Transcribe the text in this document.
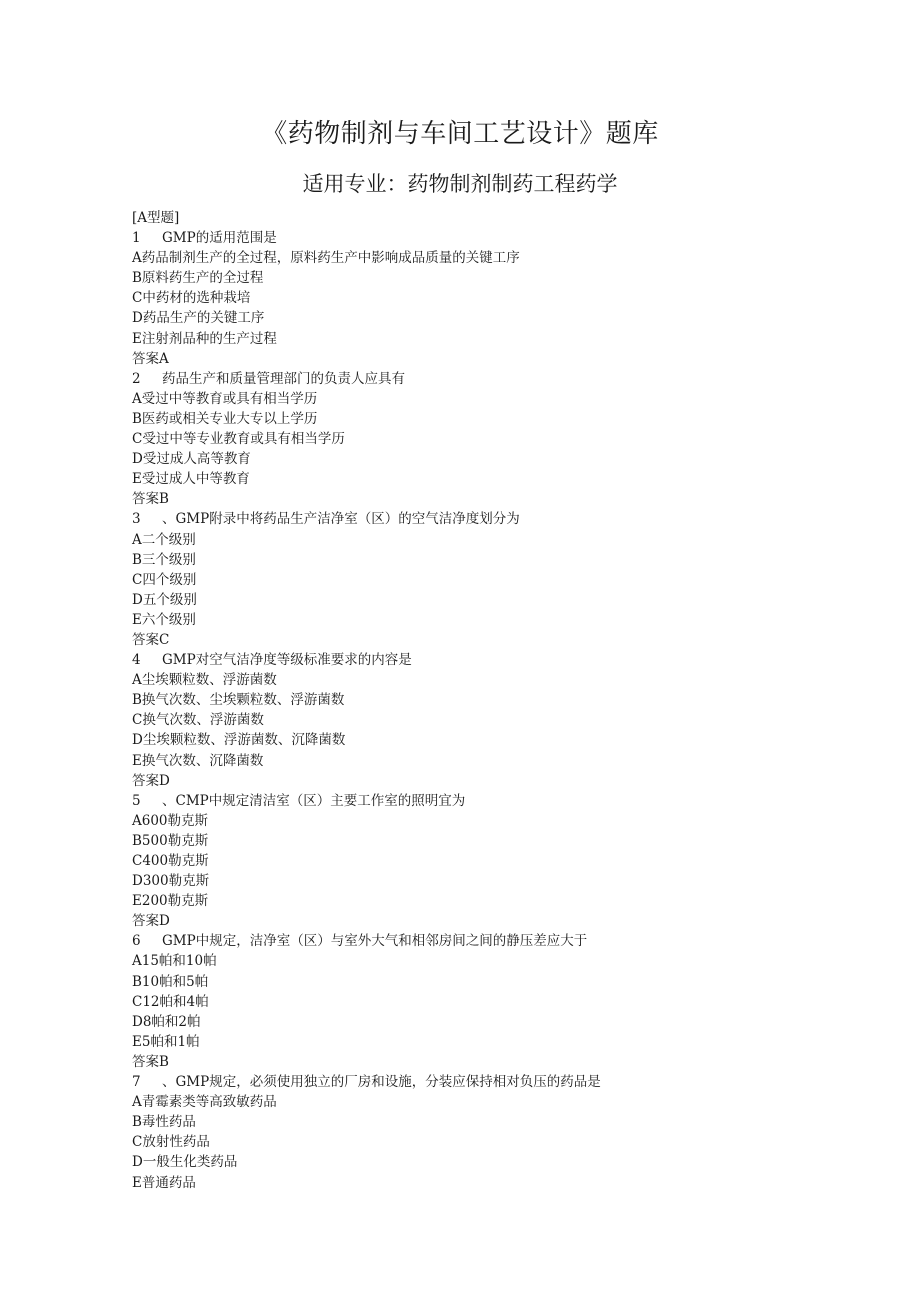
《药物制剂与车间工艺设计》题库
适用专业：药物制剂制药工程药学
[A型题]
1 GMP的适用范围是
A药品制剂生产的全过程，原料药生产中影响成品质量的关键工序
B原料药生产的全过程
C中药材的选种栽培
D药品生产的关键工序
E注射剂品种的生产过程
答案A
2 药品生产和质量管理部门的负责人应具有
A受过中等教育或具有相当学历
B医药或相关专业大专以上学历
C受过中等专业教育或具有相当学历
D受过成人高等教育
E受过成人中等教育
答案B
3 、GMP附录中将药品生产洁净室（区）的空气洁净度划分为
A二个级别
B三个级别
C四个级别
D五个级别
E六个级别
答案C
4 GMP对空气洁净度等级标准要求的内容是
A尘埃颗粒数、浮游菌数
B换气次数、尘埃颗粒数、浮游菌数
C换气次数、浮游菌数
D尘埃颗粒数、浮游菌数、沉降菌数
E换气次数、沉降菌数
答案D
5 、CMP中规定清洁室（区）主要工作室的照明宜为
A600勒克斯
B500勒克斯
C400勒克斯
D300勒克斯
E200勒克斯
答案D
6 GMP中规定，洁净室（区）与室外大气和相邻房间之间的静压差应大于
A15帕和10帕
B10帕和5帕
C12帕和4帕
D8帕和2帕
E5帕和1帕
答案B
7 、GMP规定，必须使用独立的厂房和设施，分装应保持相对负压的药品是
A青霉素类等高致敏药品
B毒性药品
C放射性药品
D一般生化类药品
E普通药品
